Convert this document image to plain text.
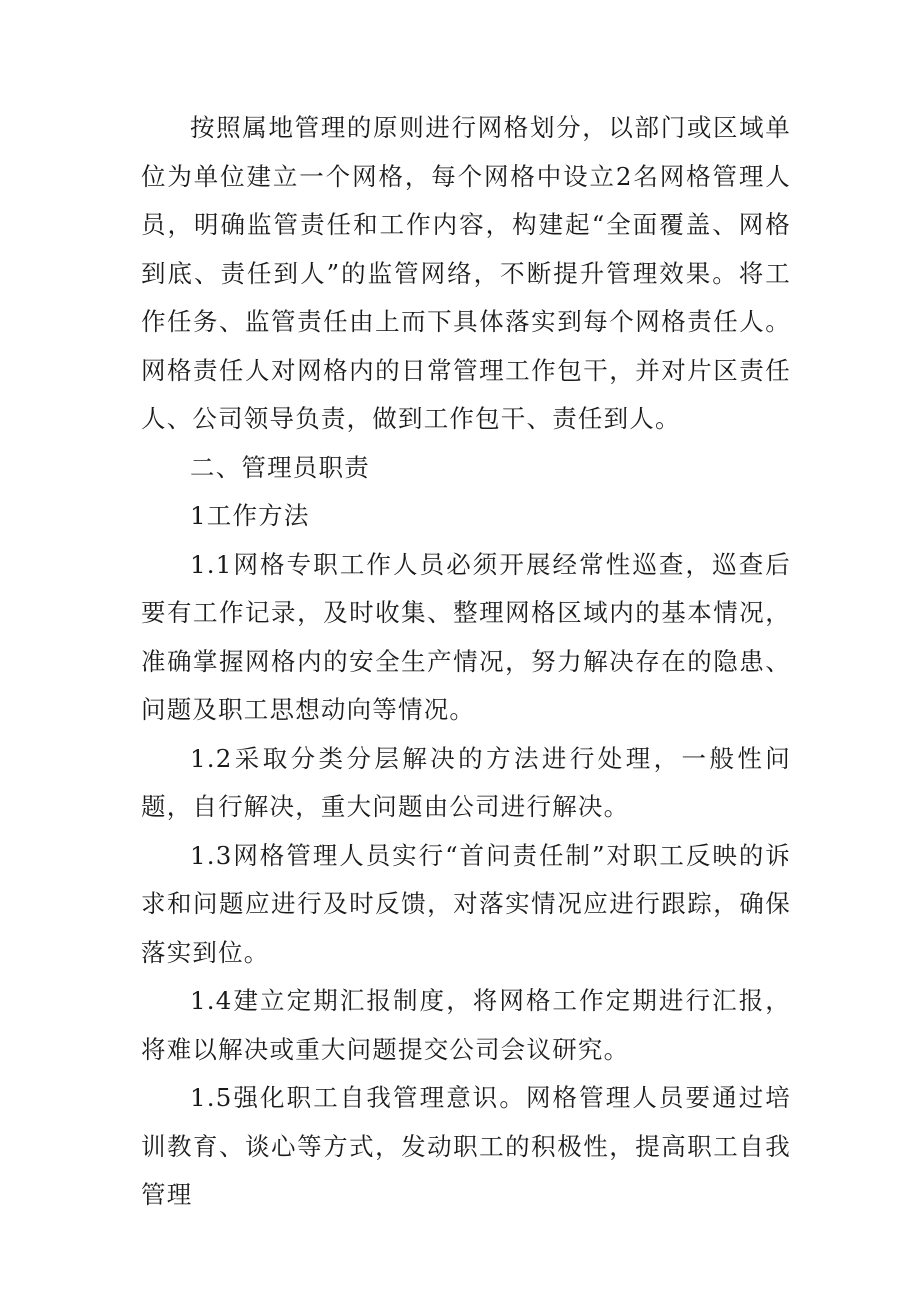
按照属地管理的原则进行网格划分，以部门或区域单位为单位建立一个网格，每个网格中设立2名网格管理人员，明确监管责任和工作内容，构建起“全面覆盖、网格到底、责任到人”的监管网络，不断提升管理效果。将工作任务、监管责任由上而下具体落实到每个网格责任人。网格责任人对网格内的日常管理工作包干，并对片区责任人、公司领导负责，做到工作包干、责任到人。

二、管理员职责

1工作方法

1.1网格专职工作人员必须开展经常性巡查，巡查后要有工作记录，及时收集、整理网格区域内的基本情况，准确掌握网格内的安全生产情况，努力解决存在的隐患、问题及职工思想动向等情况。

1.2采取分类分层解决的方法进行处理，一般性问题，自行解决，重大问题由公司进行解决。

1.3网格管理人员实行“首问责任制”对职工反映的诉求和问题应进行及时反馈，对落实情况应进行跟踪，确保落实到位。

1.4建立定期汇报制度，将网格工作定期进行汇报，将难以解决或重大问题提交公司会议研究。

1.5强化职工自我管理意识。网格管理人员要通过培训教育、谈心等方式，发动职工的积极性，提高职工自我管理
